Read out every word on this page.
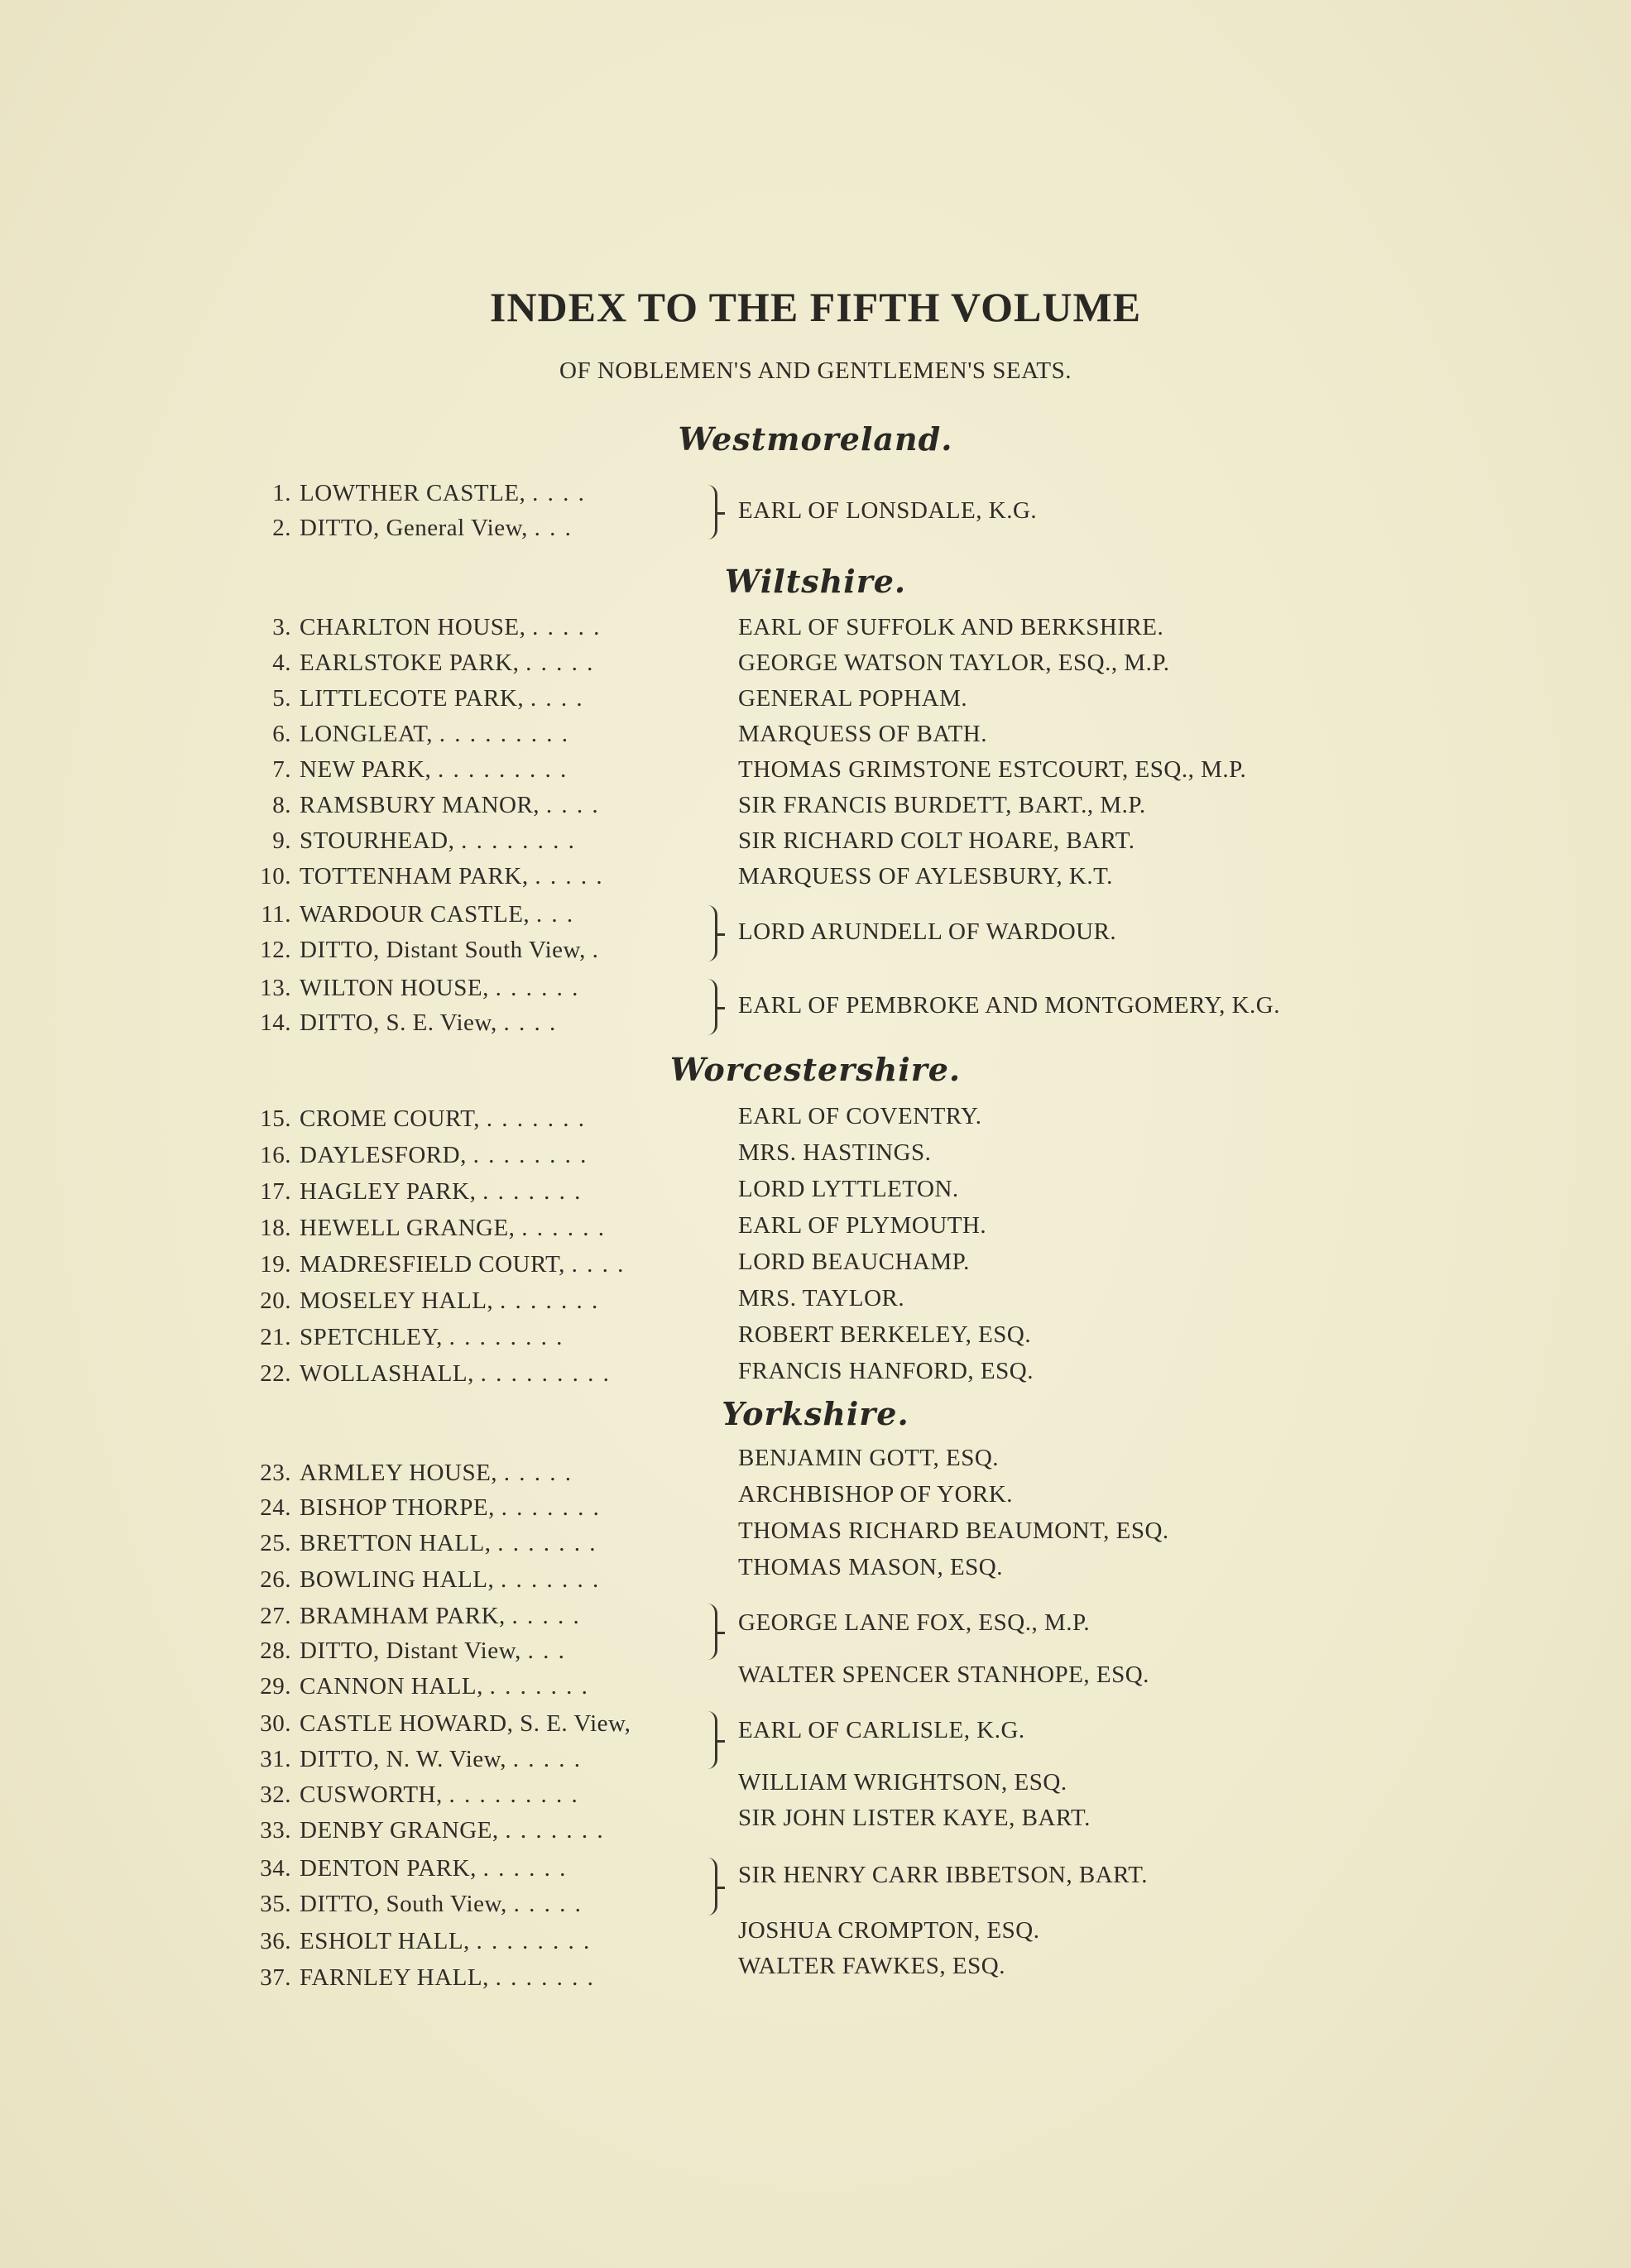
INDEX TO THE FIFTH VOLUME
OF NOBLEMEN'S AND GENTLEMEN'S SEATS.
Westmoreland.
1. LOWTHER CASTLE, . . . .
2. DITTO, General View, . . .
EARL OF LONSDALE, K.G.
Wiltshire.
3. CHARLTON HOUSE, . . . . .
4. EARLSTOKE PARK, . . . . .
5. LITTLECOTE PARK, . . . .
6. LONGLEAT, . . . . . . . . .
7. NEW PARK, . . . . . . . . .
8. RAMSBURY MANOR, . . . .
9. STOURHEAD, . . . . . . . .
10. TOTTENHAM PARK, . . . . .
11. WARDOUR CASTLE, . . .
12. DITTO, Distant South View, .
13. WILTON HOUSE, . . . . . .
14. DITTO, S. E. View, . . . .
EARL OF SUFFOLK AND BERKSHIRE.
GEORGE WATSON TAYLOR, ESQ., M.P.
GENERAL POPHAM.
MARQUESS OF BATH.
THOMAS GRIMSTONE ESTCOURT, ESQ., M.P.
SIR FRANCIS BURDETT, BART., M.P.
SIR RICHARD COLT HOARE, BART.
MARQUESS OF AYLESBURY, K.T.
LORD ARUNDELL OF WARDOUR.
EARL OF PEMBROKE AND MONTGOMERY, K.G.
Worcestershire.
15. CROME COURT, . . . . . . .
16. DAYLESFORD, . . . . . . . .
17. HAGLEY PARK, . . . . . . .
18. HEWELL GRANGE, . . . . . .
19. MADRESFIELD COURT, . . . .
20. MOSELEY HALL, . . . . . . .
21. SPETCHLEY, . . . . . . . .
22. WOLLASHALL, . . . . . . . . .
EARL OF COVENTRY.
MRS. HASTINGS.
LORD LYTTLETON.
EARL OF PLYMOUTH.
LORD BEAUCHAMP.
MRS. TAYLOR.
ROBERT BERKELEY, ESQ.
FRANCIS HANFORD, ESQ.
Yorkshire.
23. ARMLEY HOUSE, . . . . .
24. BISHOP THORPE, . . . . . . .
25. BRETTON HALL, . . . . . . .
26. BOWLING HALL, . . . . . . .
27. BRAMHAM PARK, . . . . .
28. DITTO, Distant View, . . .
29. CANNON HALL, . . . . . . .
30. CASTLE HOWARD, S. E. View,
31. DITTO, N. W. View, . . . . .
32. CUSWORTH, . . . . . . . . .
33. DENBY GRANGE, . . . . . . .
34. DENTON PARK, . . . . . .
35. DITTO, South View, . . . . .
36. ESHOLT HALL, . . . . . . . .
37. FARNLEY HALL, . . . . . . .
BENJAMIN GOTT, ESQ.
ARCHBISHOP OF YORK.
THOMAS RICHARD BEAUMONT, ESQ.
THOMAS MASON, ESQ.
GEORGE LANE FOX, ESQ., M.P.
WALTER SPENCER STANHOPE, ESQ.
EARL OF CARLISLE, K.G.
WILLIAM WRIGHTSON, ESQ.
SIR JOHN LISTER KAYE, BART.
SIR HENRY CARR IBBETSON, BART.
JOSHUA CROMPTON, ESQ.
WALTER FAWKES, ESQ.
